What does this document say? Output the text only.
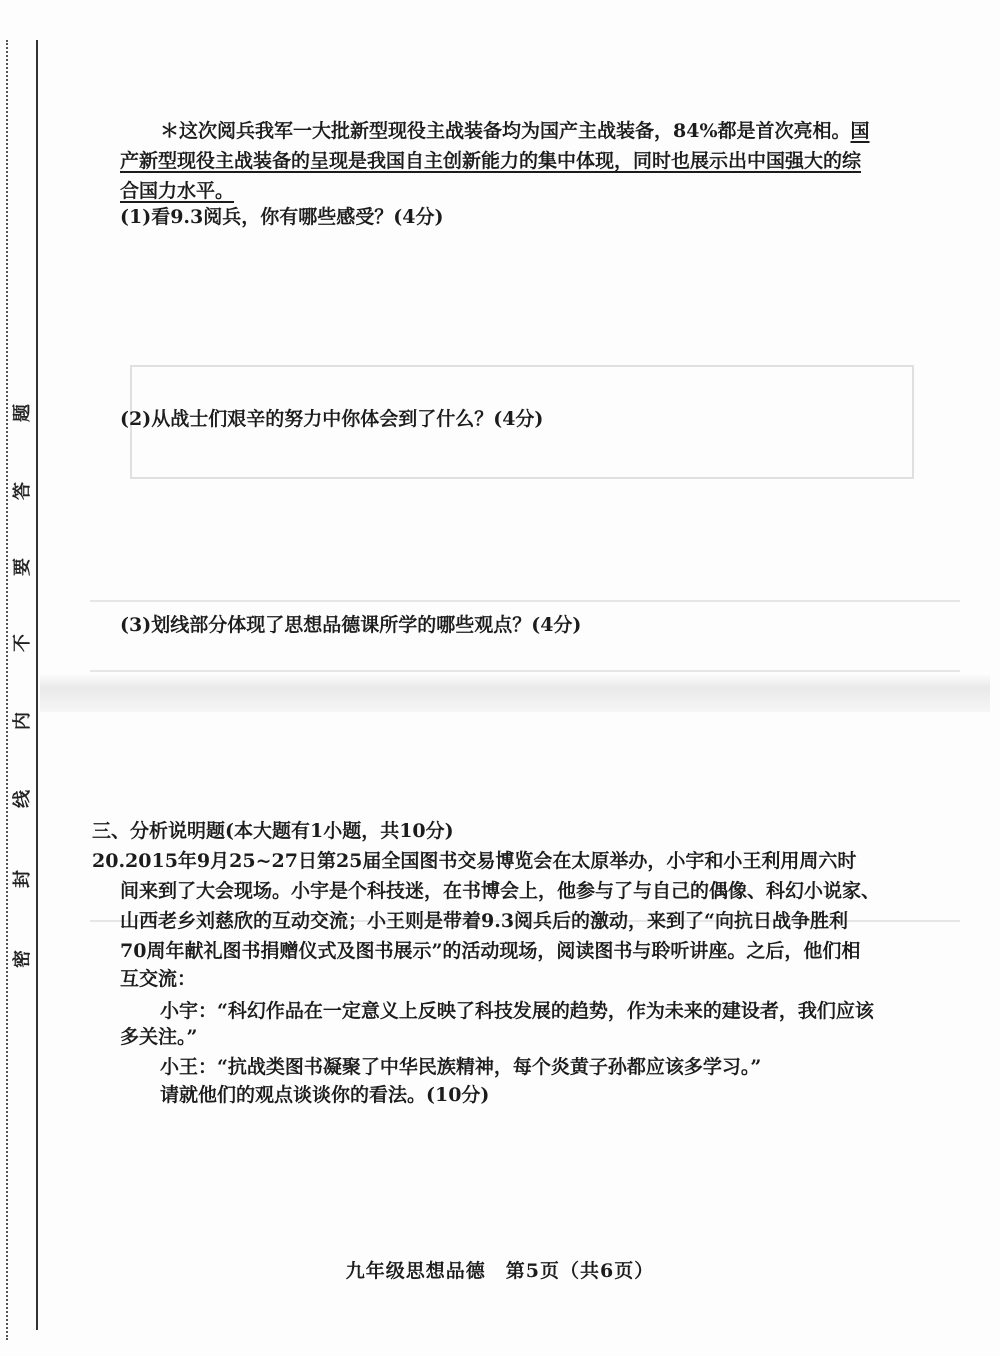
题
答
要
不
内
线
封
密
＊这次阅兵我军一大批新型现役主战装备均为国产主战装备，84%都是首次亮相。国
产新型现役主战装备的呈现是我国自主创新能力的集中体现，同时也展示出中国强大的综
合国力水平。
(1)看9.3阅兵，你有哪些感受？(4分)
(2)从战士们艰辛的努力中你体会到了什么？(4分)
(3)划线部分体现了思想品德课所学的哪些观点？(4分)
三、分析说明题(本大题有1小题，共10分)
20.2015年9月25~27日第25届全国图书交易博览会在太原举办，小宇和小王利用周六时
间来到了大会现场。小宇是个科技迷，在书博会上，他参与了与自己的偶像、科幻小说家、
山西老乡刘慈欣的互动交流；小王则是带着9.3阅兵后的激动，来到了“向抗日战争胜利
70周年献礼图书捐赠仪式及图书展示”的活动现场，阅读图书与聆听讲座。之后，他们相
互交流：
小宇：“科幻作品在一定意义上反映了科技发展的趋势，作为未来的建设者，我们应该
多关注。”
小王：“抗战类图书凝聚了中华民族精神，每个炎黄子孙都应该多学习。”
请就他们的观点谈谈你的看法。(10分)
九年级思想品德　第5页（共6页）
